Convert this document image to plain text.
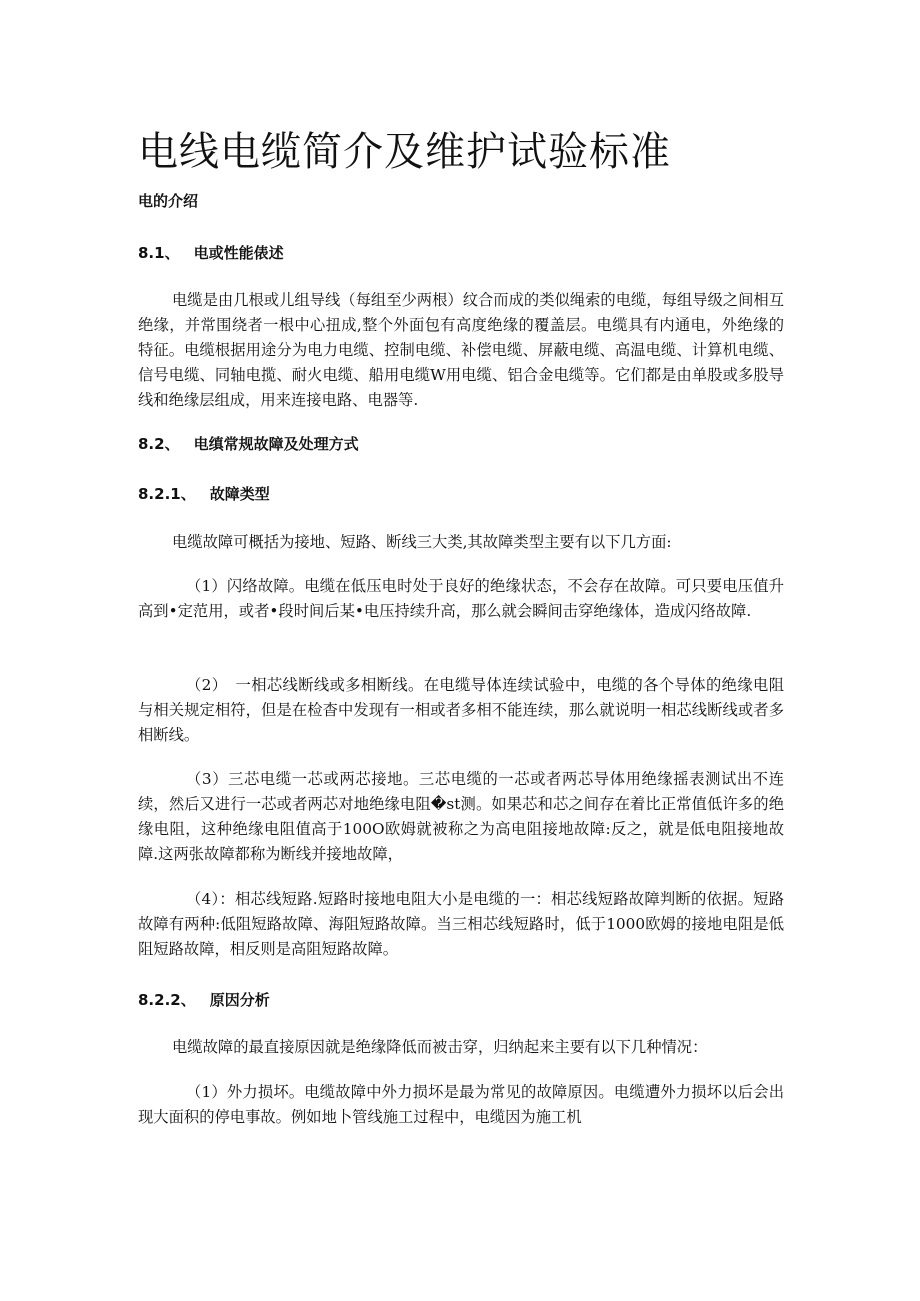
电线电缆简介及维护试验标准

电的介绍

8.1、 电或性能俵述

电缆是由几根或儿组导线（每组至少两根）纹合而成的类似绳索的电缆，每组导级之间相互绝缘，并常围绕者一根中心扭成,整个外面包有高度绝缘的覆盖层。电缆具有内通电，外绝缘的特征。电缆根据用途分为电力电缆、控制电缆、补偿电缆、屏蔽电缆、高温电缆、计算机电缆、信号电缆、同轴电揽、耐火电缆、船用电缆W用电缆、铝合金电缆等。它们都是由单股或多股导线和绝缘层组成，用来连接电路、电器等.

8.2、 电缜常规故障及处理方式

8.2.1、 故障类型

电缆故障可概括为接地、短路、断线三大类,其故障类型主要有以下几方面:

（1）闪络故障。电缆在低压电时处于良好的绝缘状态，不会存在故障。可只要电压值升高到•定范用，或者•段时间后某•电压持续升高，那么就会瞬间击穿绝缘体，造成闪络故障.

（2）　一相芯线断线或多相断线。在电缆导体连续试验中，电缆的各个导体的绝缘电阻与相关规定相符，但是在检杳中发现有一相或者多相不能连续，那么就说明一相芯线断线或者多相断线。

（3）三芯电缆一芯或两芯接地。三芯电缆的一芯或者两芯导体用绝缘摇表测试出不连续，然后又进行一芯或者两芯对地绝缘电阻�st测。如果芯和芯之间存在着比正常值低许多的绝缘电阻，这种绝缘电阻值高于100O欧姆就被称之为高电阻接地故障:反之，就是低电阻接地故障.这两张故障都称为断线并接地故障，

（4）：相芯线短路.短路时接地电阻大小是电缆的一：相芯线短路故障判断的依据。短路故障有两种:低阻短路故障、海阻短路故障。当三相芯线短路时，低于1000欧姆的接地电阻是低阻短路故障，相反则是高阻短路故障。

8.2.2、 原因分析

电缆故障的最直接原因就是绝缘降低而被击穿，归纳起来主要有以下几种情况：

（1）外力损坏。电缆故障中外力损坏是最为常见的故障原因。电缆遭外力损坏以后会出现大面积的停电事故。例如地卜管线施工过程中，电缆因为施工机
